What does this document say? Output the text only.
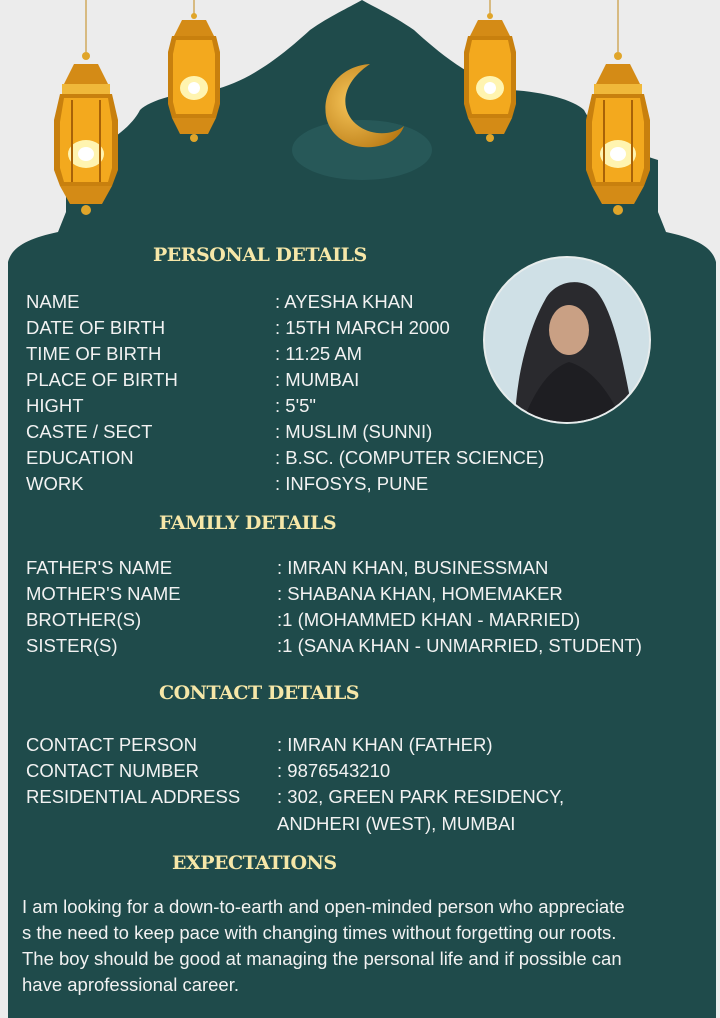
PERSONAL DETAILS
NAME	: AYESHA KHAN
DATE OF BIRTH	: 15TH MARCH 2000
TIME OF BIRTH	: 11:25 AM
PLACE OF BIRTH	: MUMBAI
HIGHT	: 5'5"
CASTE / SECT	: MUSLIM (SUNNI)
EDUCATION	: B.SC. (COMPUTER SCIENCE)
WORK	: INFOSYS, PUNE
FAMILY DETAILS
FATHER'S NAME	: IMRAN KHAN, BUSINESSMAN
MOTHER'S NAME	: SHABANA KHAN, HOMEMAKER
BROTHER(S)	:1 (MOHAMMED KHAN - MARRIED)
SISTER(S)	:1 (SANA KHAN - UNMARRIED, STUDENT)
CONTACT DETAILS
CONTACT PERSON	: IMRAN KHAN (FATHER)
CONTACT NUMBER	: 9876543210
RESIDENTIAL ADDRESS : 302, GREEN PARK RESIDENCY,
ANDHERI (WEST), MUMBAI
EXPECTATIONS
I am looking for a down-to-earth and open-minded person who appreciate
s the need to keep pace with changing times without forgetting our roots.
The boy should be good at managing the personal life and if possible can
have aprofessional career.
